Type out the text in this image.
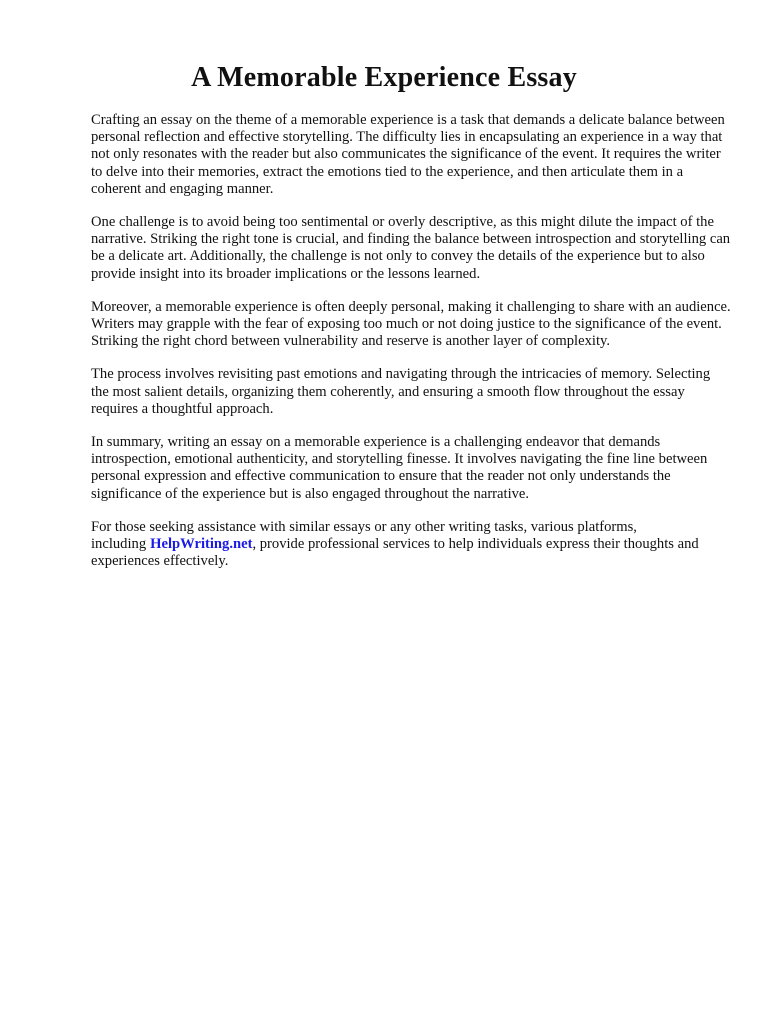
A Memorable Experience Essay

Crafting an essay on the theme of a memorable experience is a task that demands a delicate balance between personal reflection and effective storytelling. The difficulty lies in encapsulating an experience in a way that not only resonates with the reader but also communicates the significance of the event. It requires the writer to delve into their memories, extract the emotions tied to the experience, and then articulate them in a coherent and engaging manner.

One challenge is to avoid being too sentimental or overly descriptive, as this might dilute the impact of the narrative. Striking the right tone is crucial, and finding the balance between introspection and storytelling can be a delicate art. Additionally, the challenge is not only to convey the details of the experience but to also provide insight into its broader implications or the lessons learned.

Moreover, a memorable experience is often deeply personal, making it challenging to share with an audience. Writers may grapple with the fear of exposing too much or not doing justice to the significance of the event. Striking the right chord between vulnerability and reserve is another layer of complexity.

The process involves revisiting past emotions and navigating through the intricacies of memory. Selecting the most salient details, organizing them coherently, and ensuring a smooth flow throughout the essay requires a thoughtful approach.

In summary, writing an essay on a memorable experience is a challenging endeavor that demands introspection, emotional authenticity, and storytelling finesse. It involves navigating the fine line between personal expression and effective communication to ensure that the reader not only understands the significance of the experience but is also engaged throughout the narrative.

For those seeking assistance with similar essays or any other writing tasks, various platforms, including HelpWriting.net, provide professional services to help individuals express their thoughts and experiences effectively.
